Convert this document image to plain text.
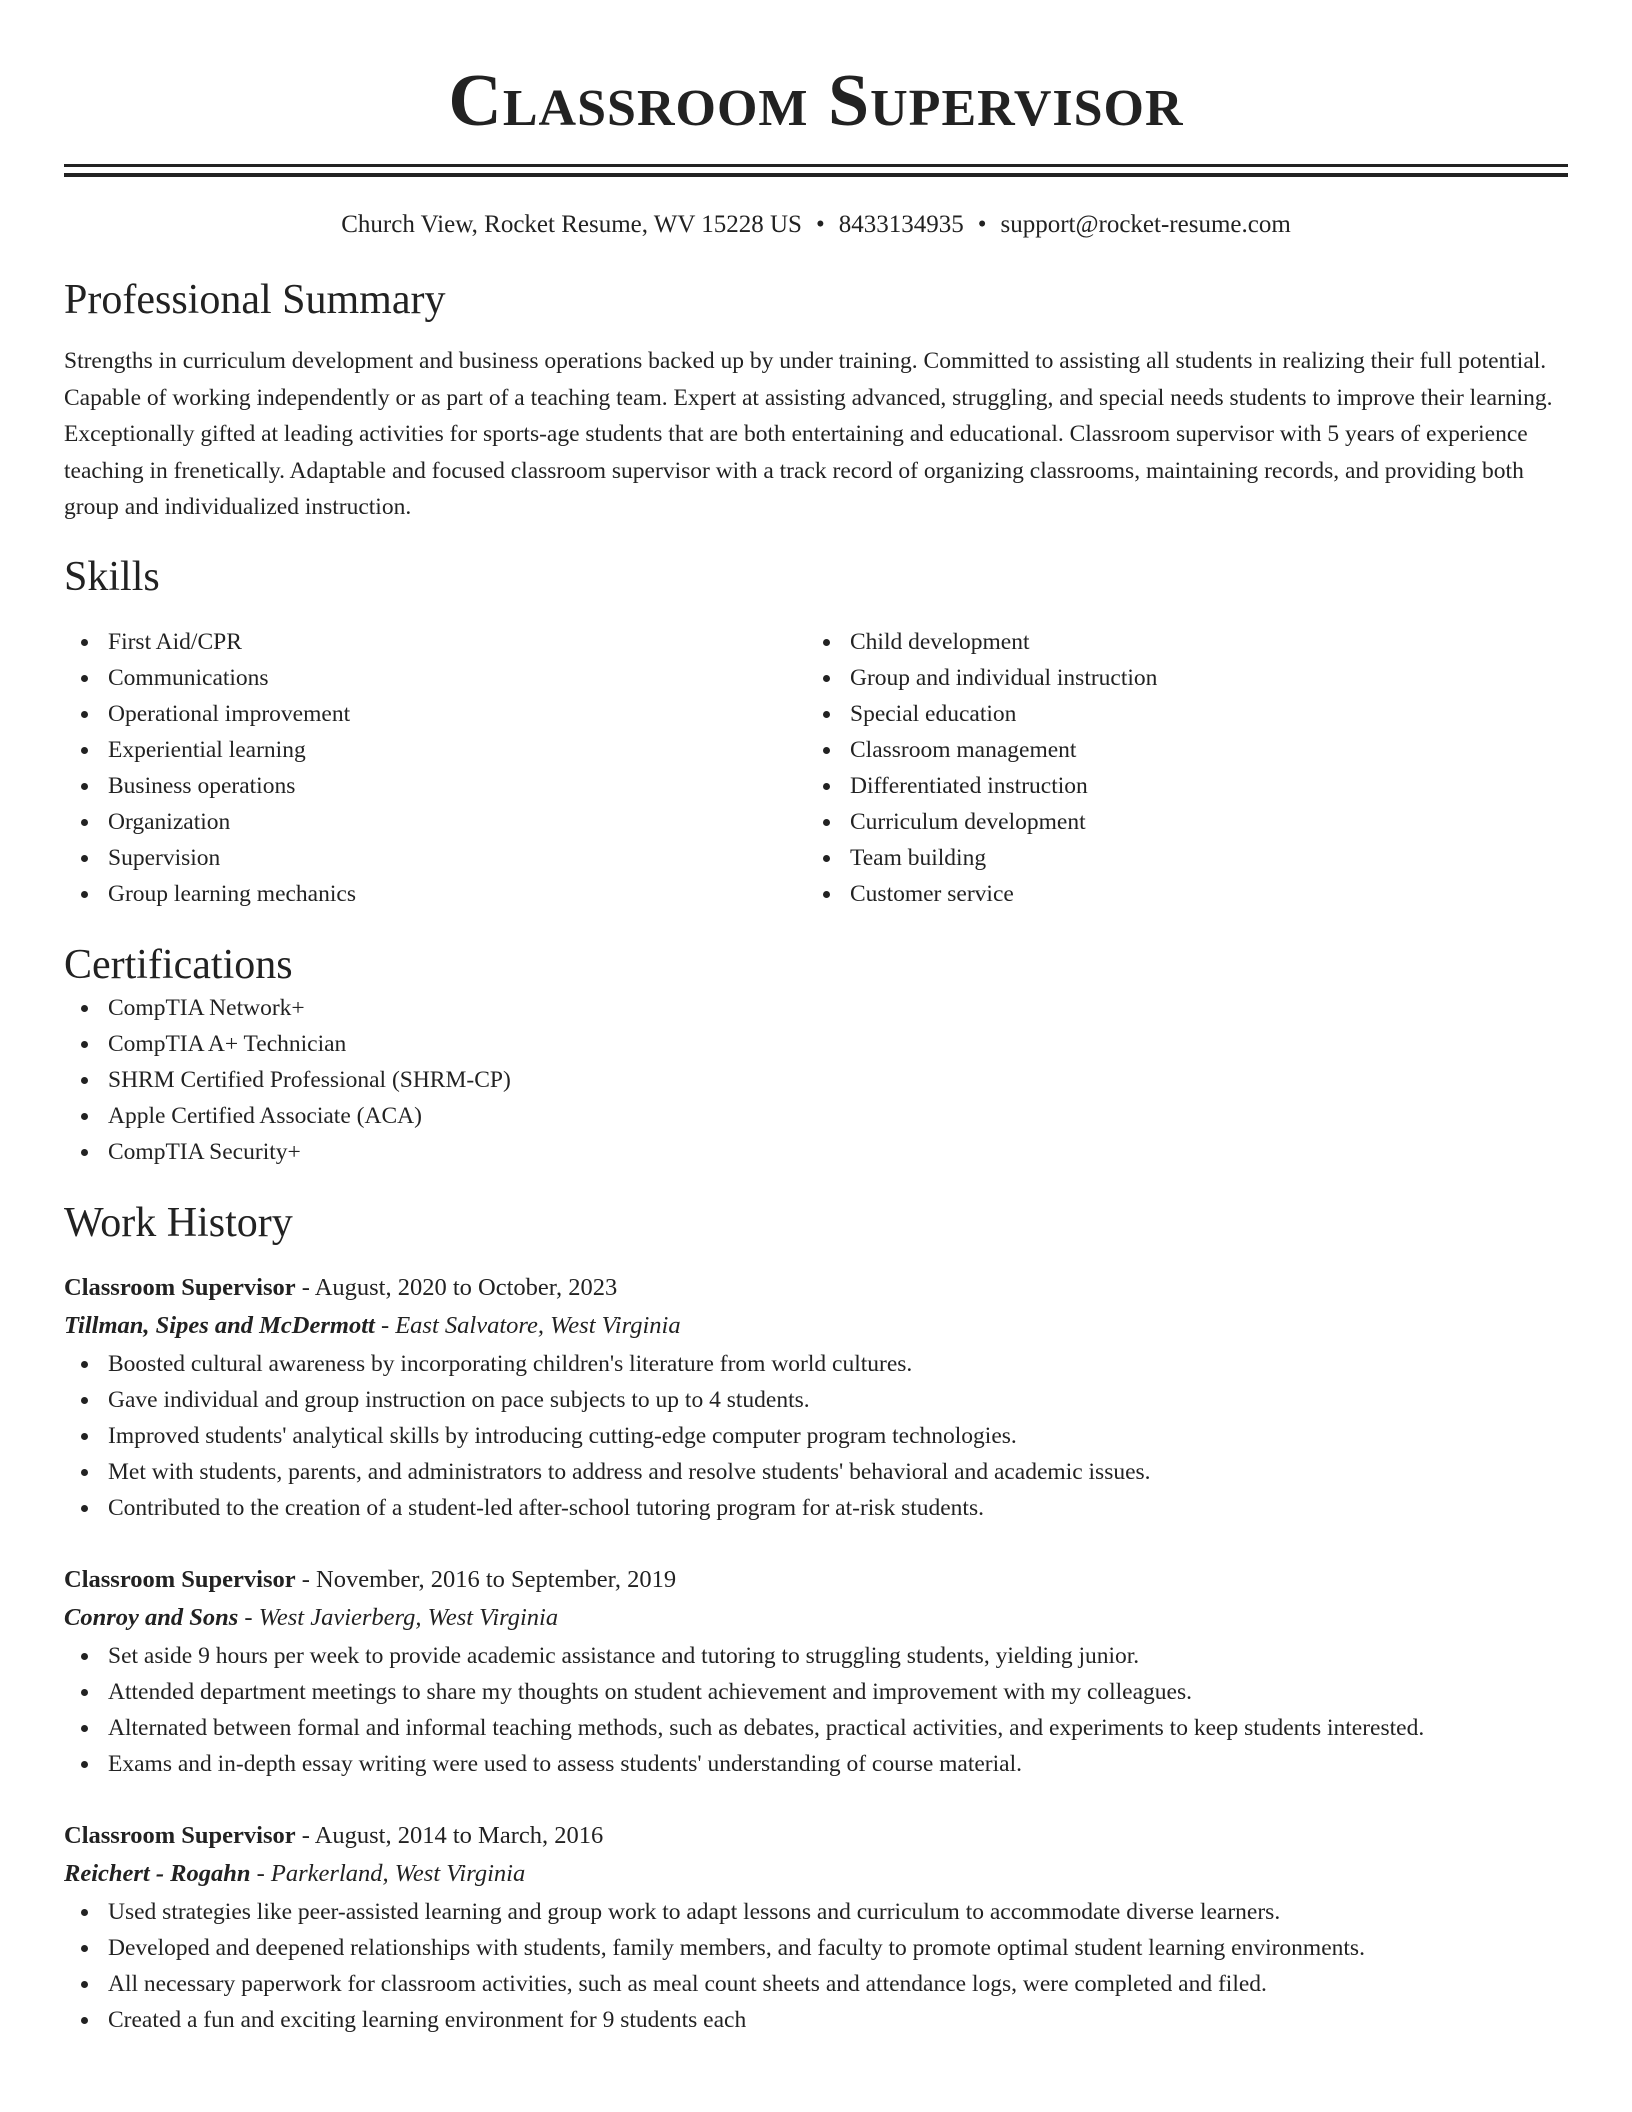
Classroom Supervisor
Church View, Rocket Resume, WV 15228 US • 8433134935 • support@rocket-resume.com
Professional Summary

Strengths in curriculum development and business operations backed up by under training. Committed to assisting all students in realizing their full potential. Capable of working independently or as part of a teaching team. Expert at assisting advanced, struggling, and special needs students to improve their learning. Exceptionally gifted at leading activities for sports-age students that are both entertaining and educational. Classroom supervisor with 5 years of experience teaching in frenetically. Adaptable and focused classroom supervisor with a track record of organizing classrooms, maintaining records, and providing both group and individualized instruction.

Skills
First Aid/CPR
Communications
Operational improvement
Experiential learning
Business operations
Organization
Supervision
Group learning mechanics
Child development
Group and individual instruction
Special education
Classroom management
Differentiated instruction
Curriculum development
Team building
Customer service
Certifications
CompTIA Network+
CompTIA A+ Technician
SHRM Certified Professional (SHRM-CP)
Apple Certified Associate (ACA)
CompTIA Security+
Work History
Classroom Supervisor - August, 2020 to October, 2023
Tillman, Sipes and McDermott - East Salvatore, West Virginia
Boosted cultural awareness by incorporating children's literature from world cultures.
Gave individual and group instruction on pace subjects to up to 4 students.
Improved students' analytical skills by introducing cutting-edge computer program technologies.
Met with students, parents, and administrators to address and resolve students' behavioral and academic issues.
Contributed to the creation of a student-led after-school tutoring program for at-risk students.
Classroom Supervisor - November, 2016 to September, 2019
Conroy and Sons - West Javierberg, West Virginia
Set aside 9 hours per week to provide academic assistance and tutoring to struggling students, yielding junior.
Attended department meetings to share my thoughts on student achievement and improvement with my colleagues.
Alternated between formal and informal teaching methods, such as debates, practical activities, and experiments to keep students interested.
Exams and in-depth essay writing were used to assess students' understanding of course material.
Classroom Supervisor - August, 2014 to March, 2016
Reichert - Rogahn - Parkerland, West Virginia
Used strategies like peer-assisted learning and group work to adapt lessons and curriculum to accommodate diverse learners.
Developed and deepened relationships with students, family members, and faculty to promote optimal student learning environments.
All necessary paperwork for classroom activities, such as meal count sheets and attendance logs, were completed and filed.
Created a fun and exciting learning environment for 9 students each
